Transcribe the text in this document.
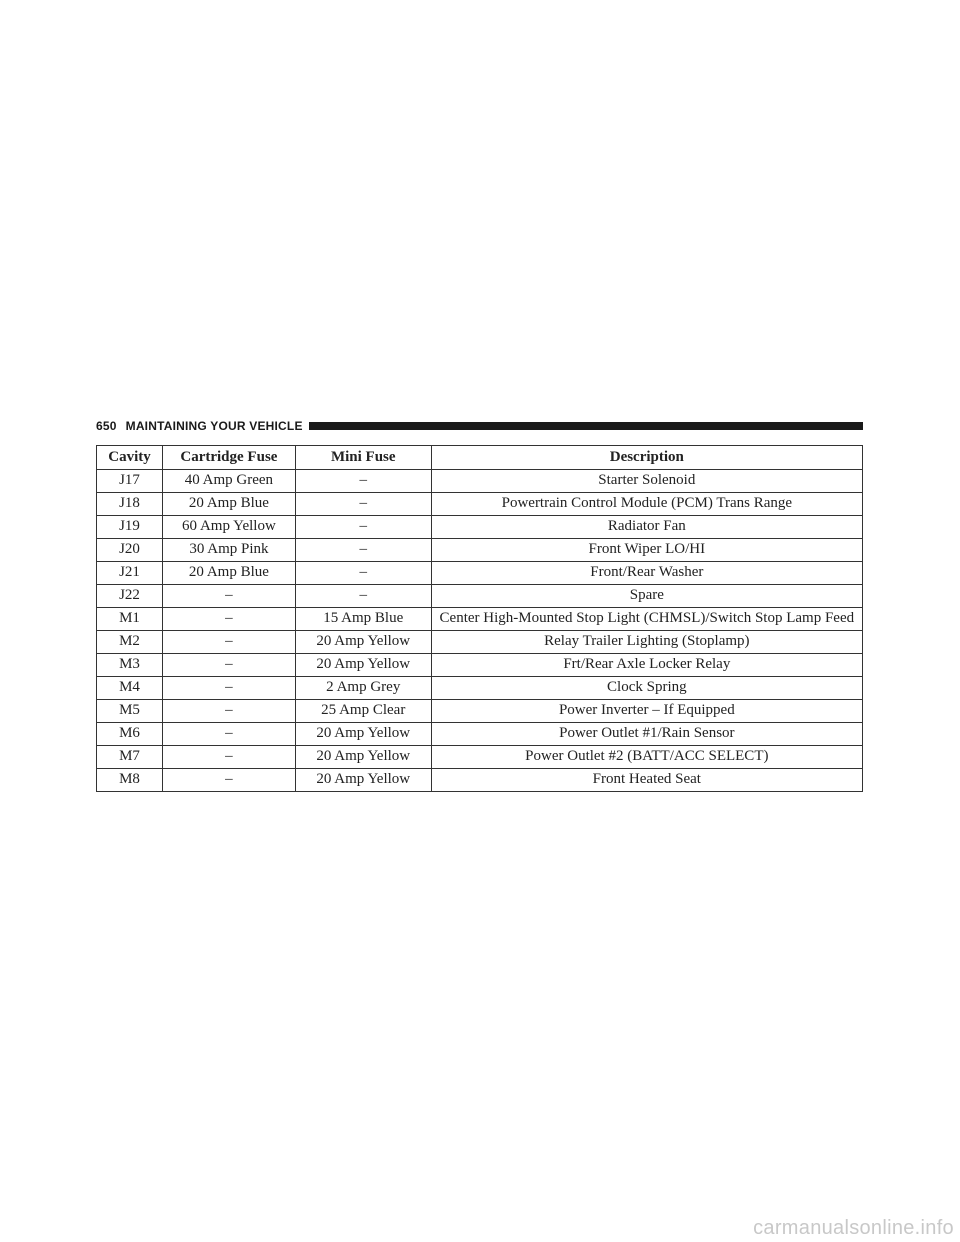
650 MAINTAINING YOUR VEHICLE
Cavity	Cartridge Fuse	Mini Fuse	Description
J17	40 Amp Green	–	Starter Solenoid
J18	20 Amp Blue	–	Powertrain Control Module (PCM) Trans Range
J19	60 Amp Yellow	–	Radiator Fan
J20	30 Amp Pink	–	Front Wiper LO/HI
J21	20 Amp Blue	–	Front/Rear Washer
J22	–	–	Spare
M1	–	15 Amp Blue	Center High-Mounted Stop Light (CHMSL)/Switch Stop Lamp Feed
M2	–	20 Amp Yellow	Relay Trailer Lighting (Stoplamp)
M3	–	20 Amp Yellow	Frt/Rear Axle Locker Relay
M4	–	2 Amp Grey	Clock Spring
M5	–	25 Amp Clear	Power Inverter – If Equipped
M6	–	20 Amp Yellow	Power Outlet #1/Rain Sensor
M7	–	20 Amp Yellow	Power Outlet #2 (BATT/ACC SELECT)
M8	–	20 Amp Yellow	Front Heated Seat
carmanualsonline.info
